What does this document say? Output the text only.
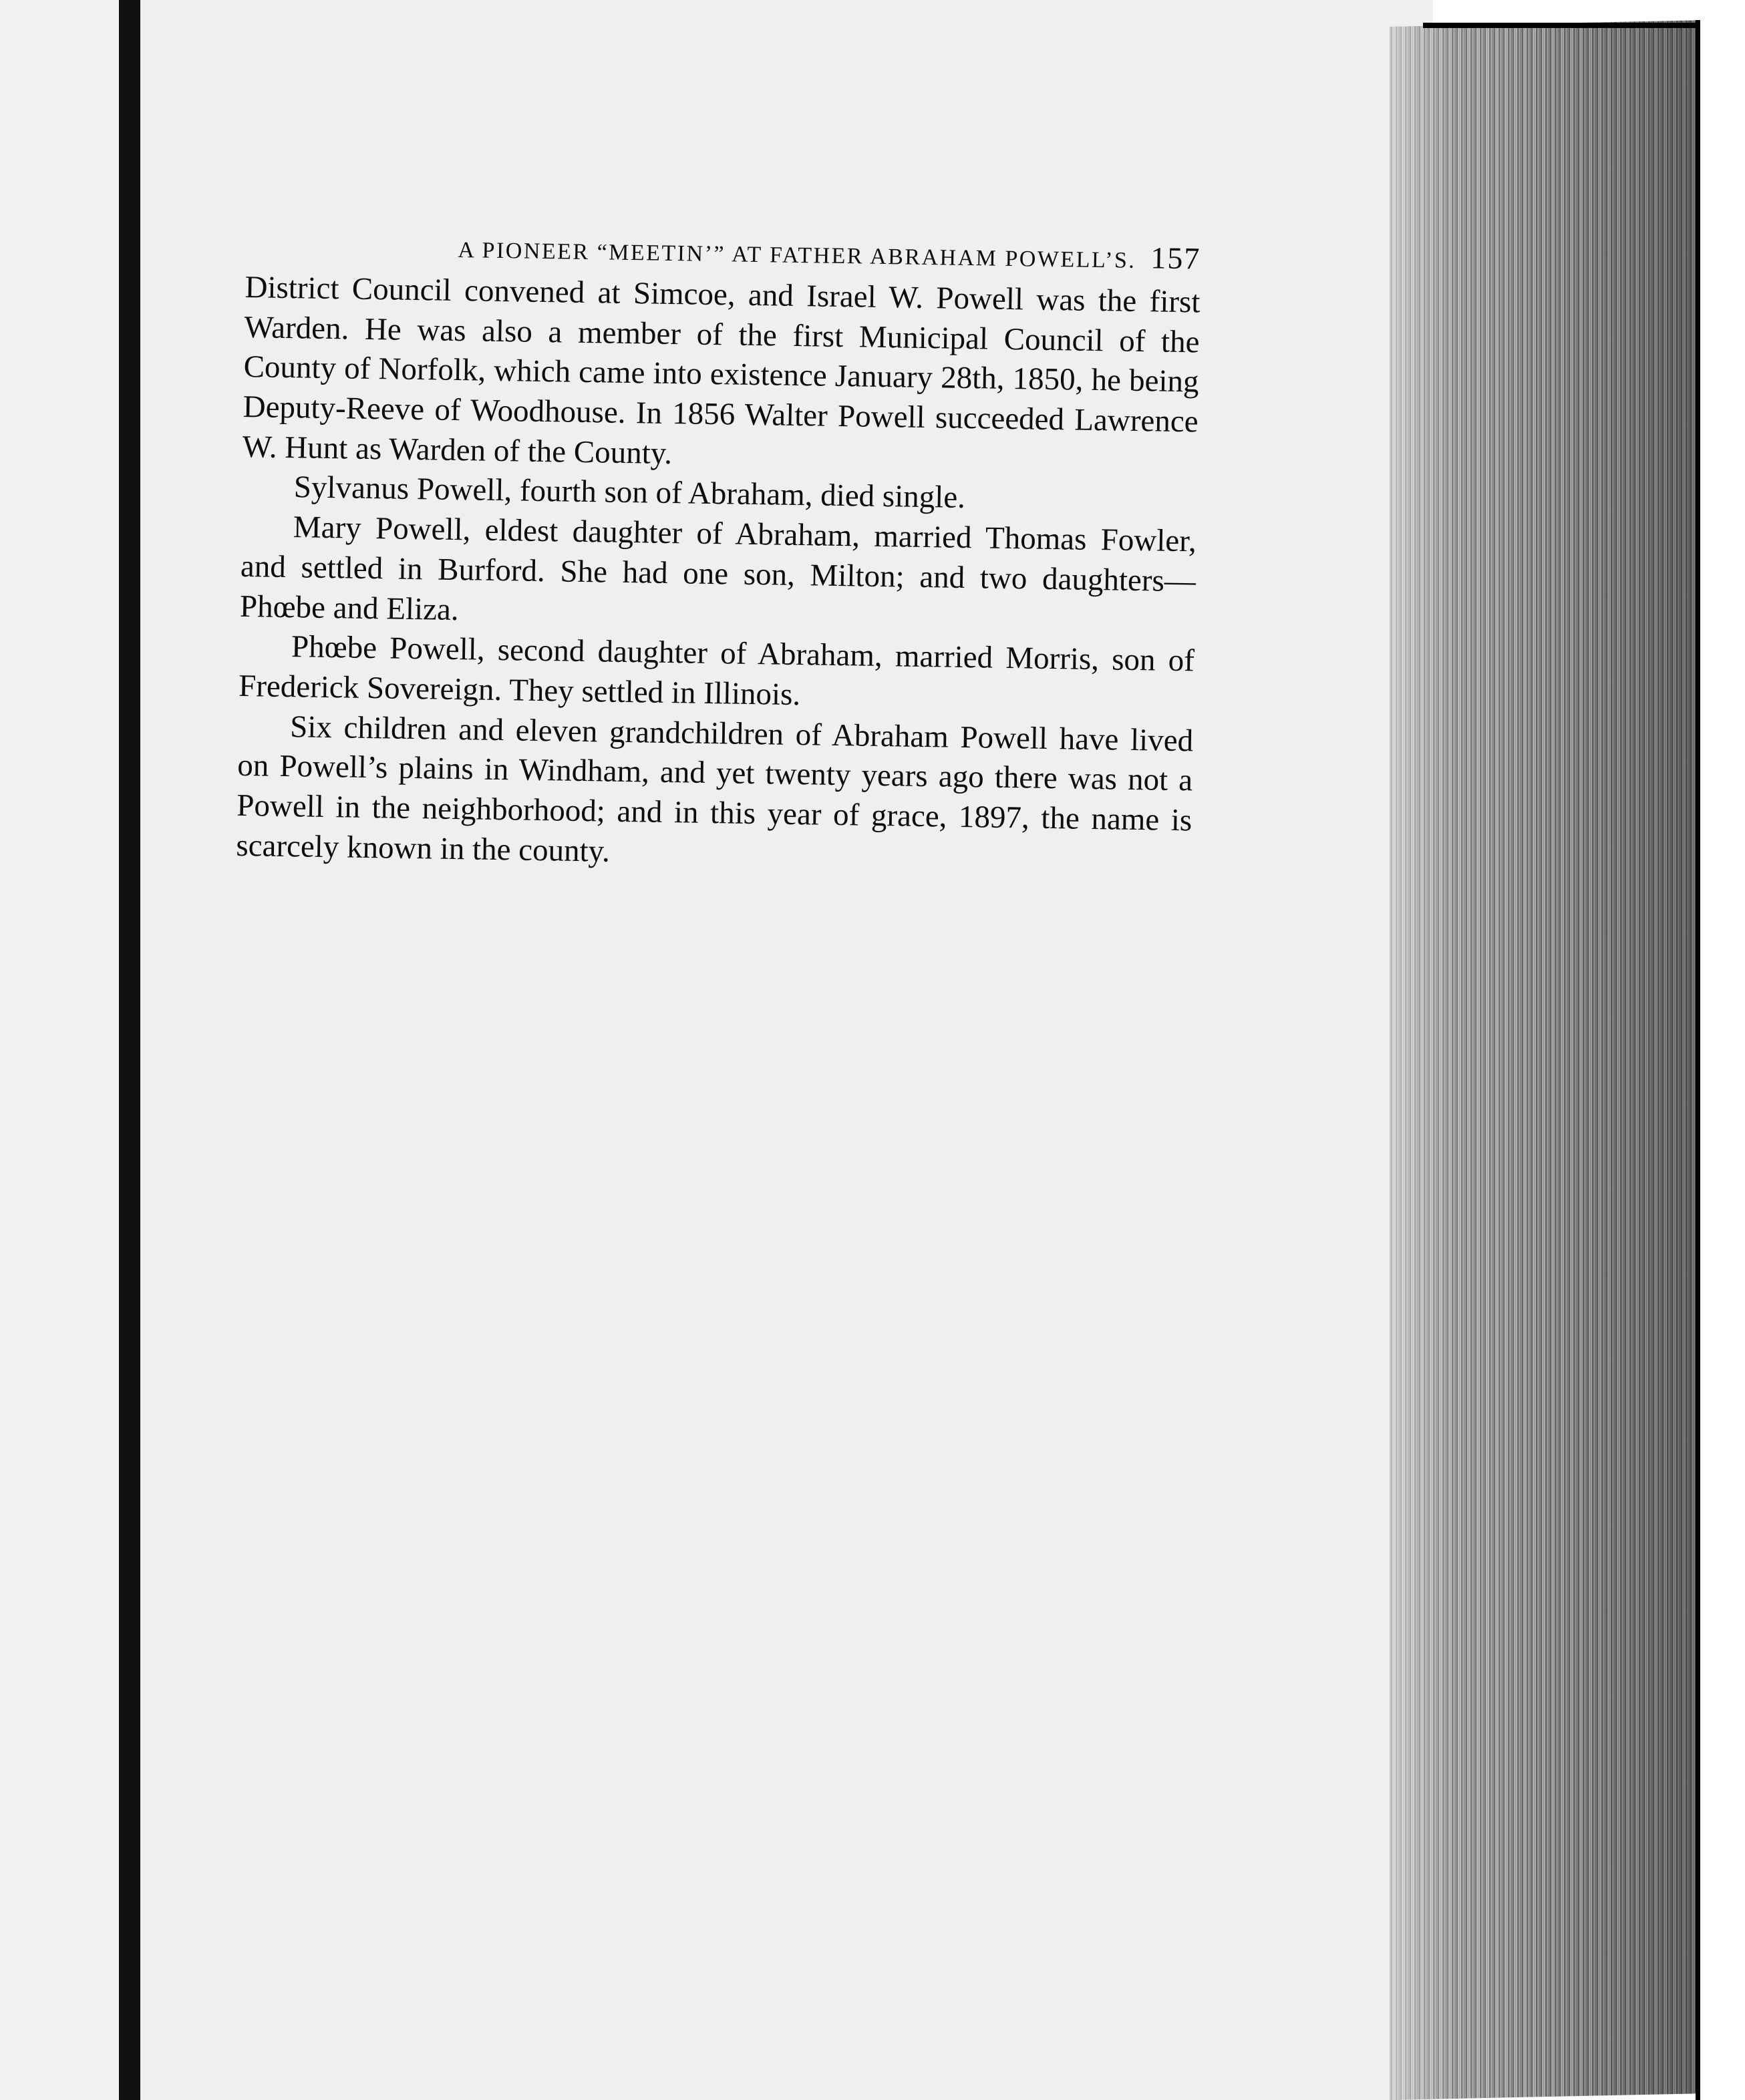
A PIONEER “MEETIN’” AT FATHER ABRAHAM POWELL’S. 157

District Council convened at Simcoe, and Israel W. Powell was the first Warden. He was also a member of the first Municipal Council of the County of Norfolk, which came into existence January 28th, 1850, he being Deputy-Reeve of Woodhouse. In 1856 Walter Powell succeeded Lawrence W. Hunt as Warden of the County.

Sylvanus Powell, fourth son of Abraham, died single.

Mary Powell, eldest daughter of Abraham, married Thomas Fowler, and settled in Burford. She had one son, Milton; and two daughters—Phœbe and Eliza.

Phœbe Powell, second daughter of Abraham, married Morris, son of Frederick Sovereign. They settled in Illinois.

Six children and eleven grandchildren of Abraham Powell have lived on Powell’s plains in Windham, and yet twenty years ago there was not a Powell in the neighborhood; and in this year of grace, 1897, the name is scarcely known in the county.
